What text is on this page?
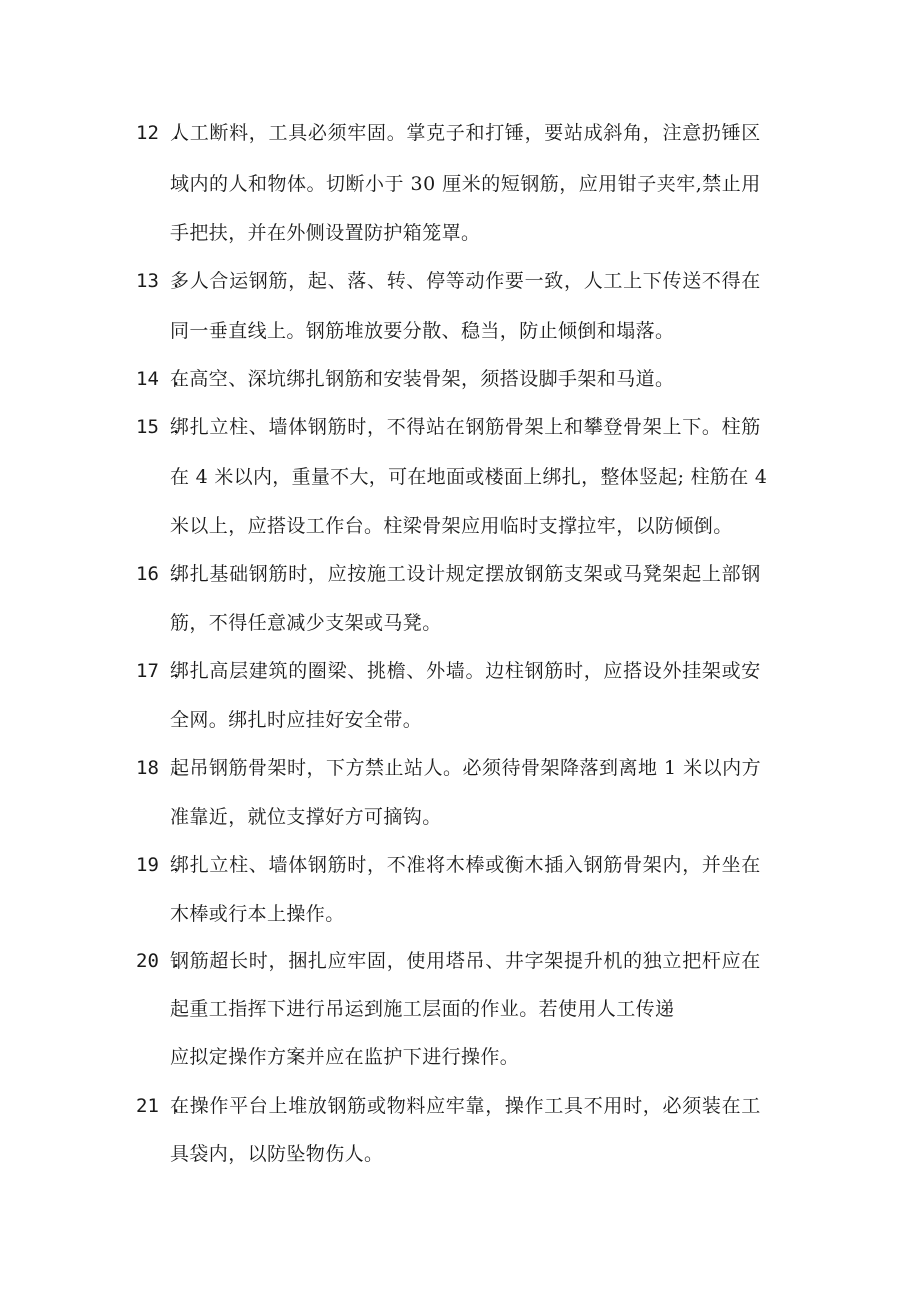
12 .
人工断料，工具必须牢固。掌克子和打锤，要站成斜角，注意扔锤区
域内的人和物体。切断小于 30 厘米的短钢筋，应用钳子夹牢,禁止用
手把扶，并在外侧设置防护箱笼罩。
13 .
多人合运钢筋，起、落、转、停等动作要一致，人工上下传送不得在
同一垂直线上。钢筋堆放要分散、稳当，防止倾倒和塌落。
14 .
在高空、深坑绑扎钢筋和安装骨架，须搭设脚手架和马道。
15 .
绑扎立柱、墙体钢筋时，不得站在钢筋骨架上和攀登骨架上下。柱筋
在 4 米以内，重量不大，可在地面或楼面上绑扎，整体竖起; 柱筋在 4
米以上，应搭设工作台。柱梁骨架应用临时支撑拉牢，以防倾倒。
16 .
绑扎基础钢筋时，应按施工设计规定摆放钢筋支架或马凳架起上部钢
筋，不得任意减少支架或马凳。
17 .
绑扎高层建筑的圈梁、挑檐、外墙。边柱钢筋时，应搭设外挂架或安
全网。绑扎时应挂好安全带。
18 .
起吊钢筋骨架时，下方禁止站人。必须待骨架降落到离地 1 米以内方
准靠近，就位支撑好方可摘钩。
19 .
绑扎立柱、墙体钢筋时，不准将木棒或衡木插入钢筋骨架内，并坐在
木棒或行本上操作。
20 .
钢筋超长时，捆扎应牢固，使用塔吊、井字架提升机的独立把杆应在
起重工指挥下进行吊运到施工层面的作业。若使用人工传递
应拟定操作方案并应在监护下进行操作。
21 .
在操作平台上堆放钢筋或物料应牢靠，操作工具不用时，必须装在工
具袋内，以防坠物伤人。
